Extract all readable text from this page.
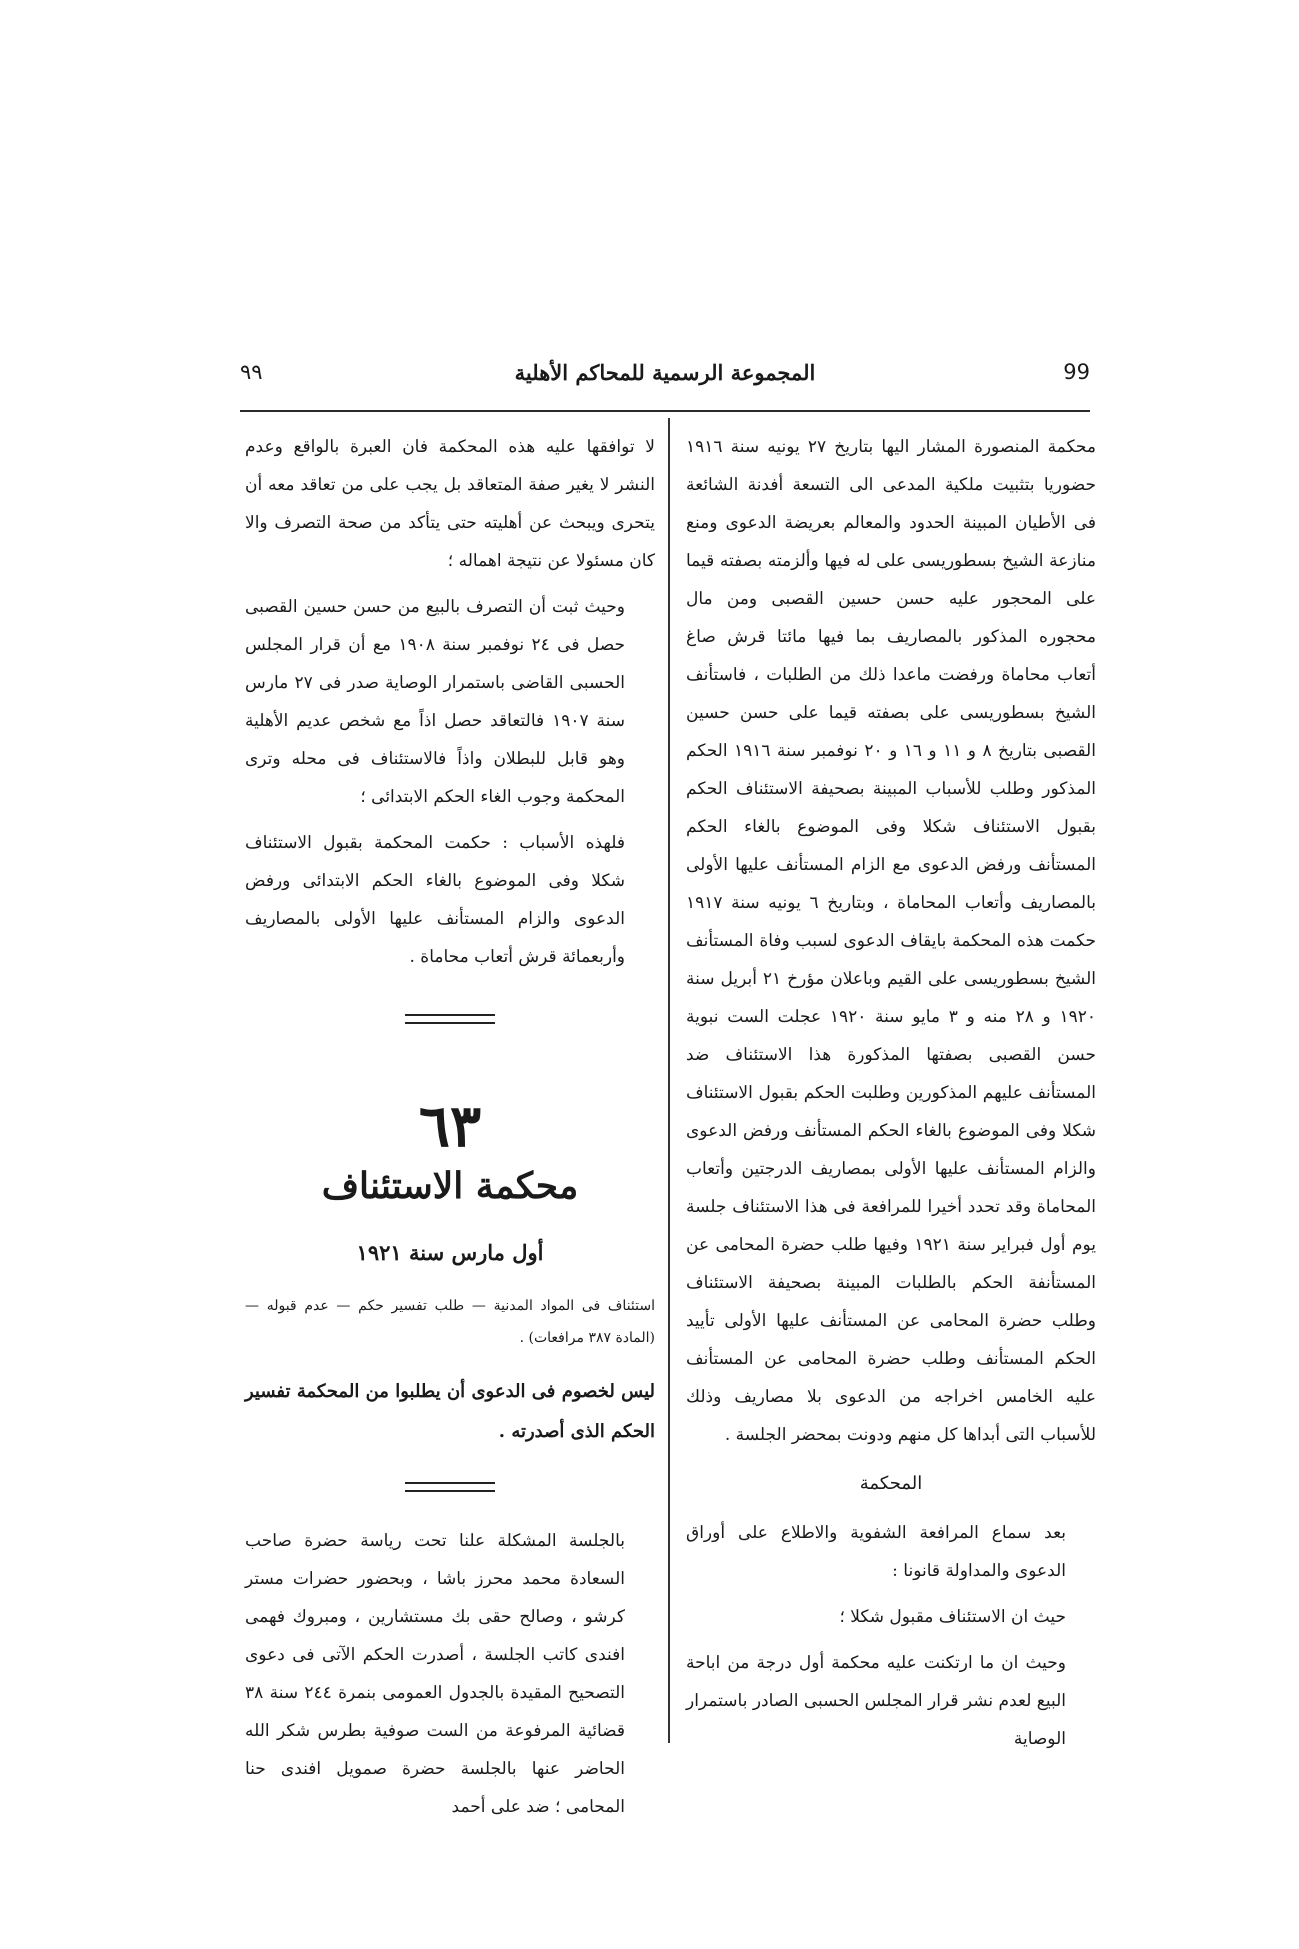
99
المجموعة الرسمية للمحاكم الأهلية
٩٩

محكمة المنصورة المشار اليها بتاريخ ٢٧ يونيه سنة ١٩١٦ حضوريا بتثبيت ملكية المدعى الى التسعة أفدنة الشائعة فى الأطيان المبينة الحدود والمعالم بعريضة الدعوى ومنع منازعة الشيخ بسطوريسى على له فيها وألزمته بصفته قيما على المحجور عليه حسن حسين القصبى ومن مال محجوره المذكور بالمصاريف بما فيها مائتا قرش صاغ أتعاب محاماة ورفضت ماعدا ذلك من الطلبات ، فاستأنف الشيخ بسطوريسى على بصفته قيما على حسن حسين القصبى بتاريخ ٨ و ١١ و ١٦ و ٢٠ نوفمبر سنة ١٩١٦ الحكم المذكور وطلب للأسباب المبينة بصحيفة الاستئناف الحكم بقبول الاستئناف شكلا وفى الموضوع بالغاء الحكم المستأنف ورفض الدعوى مع الزام المستأنف عليها الأولى بالمصاريف وأتعاب المحاماة ، وبتاريخ ٦ يونيه سنة ١٩١٧ حكمت هذه المحكمة بايقاف الدعوى لسبب وفاة المستأنف الشيخ بسطوريسى على القيم وباعلان مؤرخ ٢١ أبريل سنة ١٩٢٠ و ٢٨ منه و ٣ مايو سنة ١٩٢٠ عجلت الست نبوية حسن القصبى بصفتها المذكورة هذا الاستئناف ضد المستأنف عليهم المذكورين وطلبت الحكم بقبول الاستئناف شكلا وفى الموضوع بالغاء الحكم المستأنف ورفض الدعوى والزام المستأنف عليها الأولى بمصاريف الدرجتين وأتعاب المحاماة وقد تحدد أخيرا للمرافعة فى هذا الاستئناف جلسة يوم أول فبراير سنة ١٩٢١ وفيها طلب حضرة المحامى عن المستأنفة الحكم بالطلبات المبينة بصحيفة الاستئناف وطلب حضرة المحامى عن المستأنف عليها الأولى تأييد الحكم المستأنف وطلب حضرة المحامى عن المستأنف عليه الخامس اخراجه من الدعوى بلا مصاريف وذلك للأسباب التى أبداها كل منهم ودونت بمحضر الجلسة .

المحكمة

بعد سماع المرافعة الشفوية والاطلاع على أوراق الدعوى والمداولة قانونا :

حيث ان الاستئناف مقبول شكلا ؛

وحيث ان ما ارتكنت عليه محكمة أول درجة من اباحة البيع لعدم نشر قرار المجلس الحسبى الصادر باستمرار الوصاية

لا توافقها عليه هذه المحكمة فان العبرة بالواقع وعدم النشر لا يغير صفة المتعاقد بل يجب على من تعاقد معه أن يتحرى ويبحث عن أهليته حتى يتأكد من صحة التصرف والا كان مسئولا عن نتيجة اهماله ؛

وحيث ثبت أن التصرف بالبيع من حسن حسين القصبى حصل فى ٢٤ نوفمبر سنة ١٩٠٨ مع أن قرار المجلس الحسبى القاضى باستمرار الوصاية صدر فى ٢٧ مارس سنة ١٩٠٧ فالتعاقد حصل اذاً مع شخص عديم الأهلية وهو قابل للبطلان واذاً فالاستئناف فى محله وترى المحكمة وجوب الغاء الحكم الابتدائى ؛

فلهذه الأسباب : حكمت المحكمة بقبول الاستئناف شكلا وفى الموضوع بالغاء الحكم الابتدائى ورفض الدعوى والزام المستأنف عليها الأولى بالمصاريف وأربعمائة قرش أتعاب محاماة .

٦٣
محكمة الاستئناف
أول مارس سنة ١٩٢١

استئناف فى المواد المدنية — طلب تفسير حكم — عدم قبوله — (المادة ٣٨٧ مرافعات) .

ليس لخصوم فى الدعوى أن يطلبوا من المحكمة تفسير الحكم الذى أصدرته .

بالجلسة المشكلة علنا تحت رياسة حضرة صاحب السعادة محمد محرز باشا ، وبحضور حضرات مستر كرشو ، وصالح حقى بك مستشارين ، ومبروك فهمى افندى كاتب الجلسة ، أصدرت الحكم الآتى فى دعوى التصحيح المقيدة بالجدول العمومى بنمرة ٢٤٤ سنة ٣٨ قضائية المرفوعة من الست صوفية بطرس شكر الله الحاضر عنها بالجلسة حضرة صمويل افندى حنا المحامى ؛ ضد على أحمد
